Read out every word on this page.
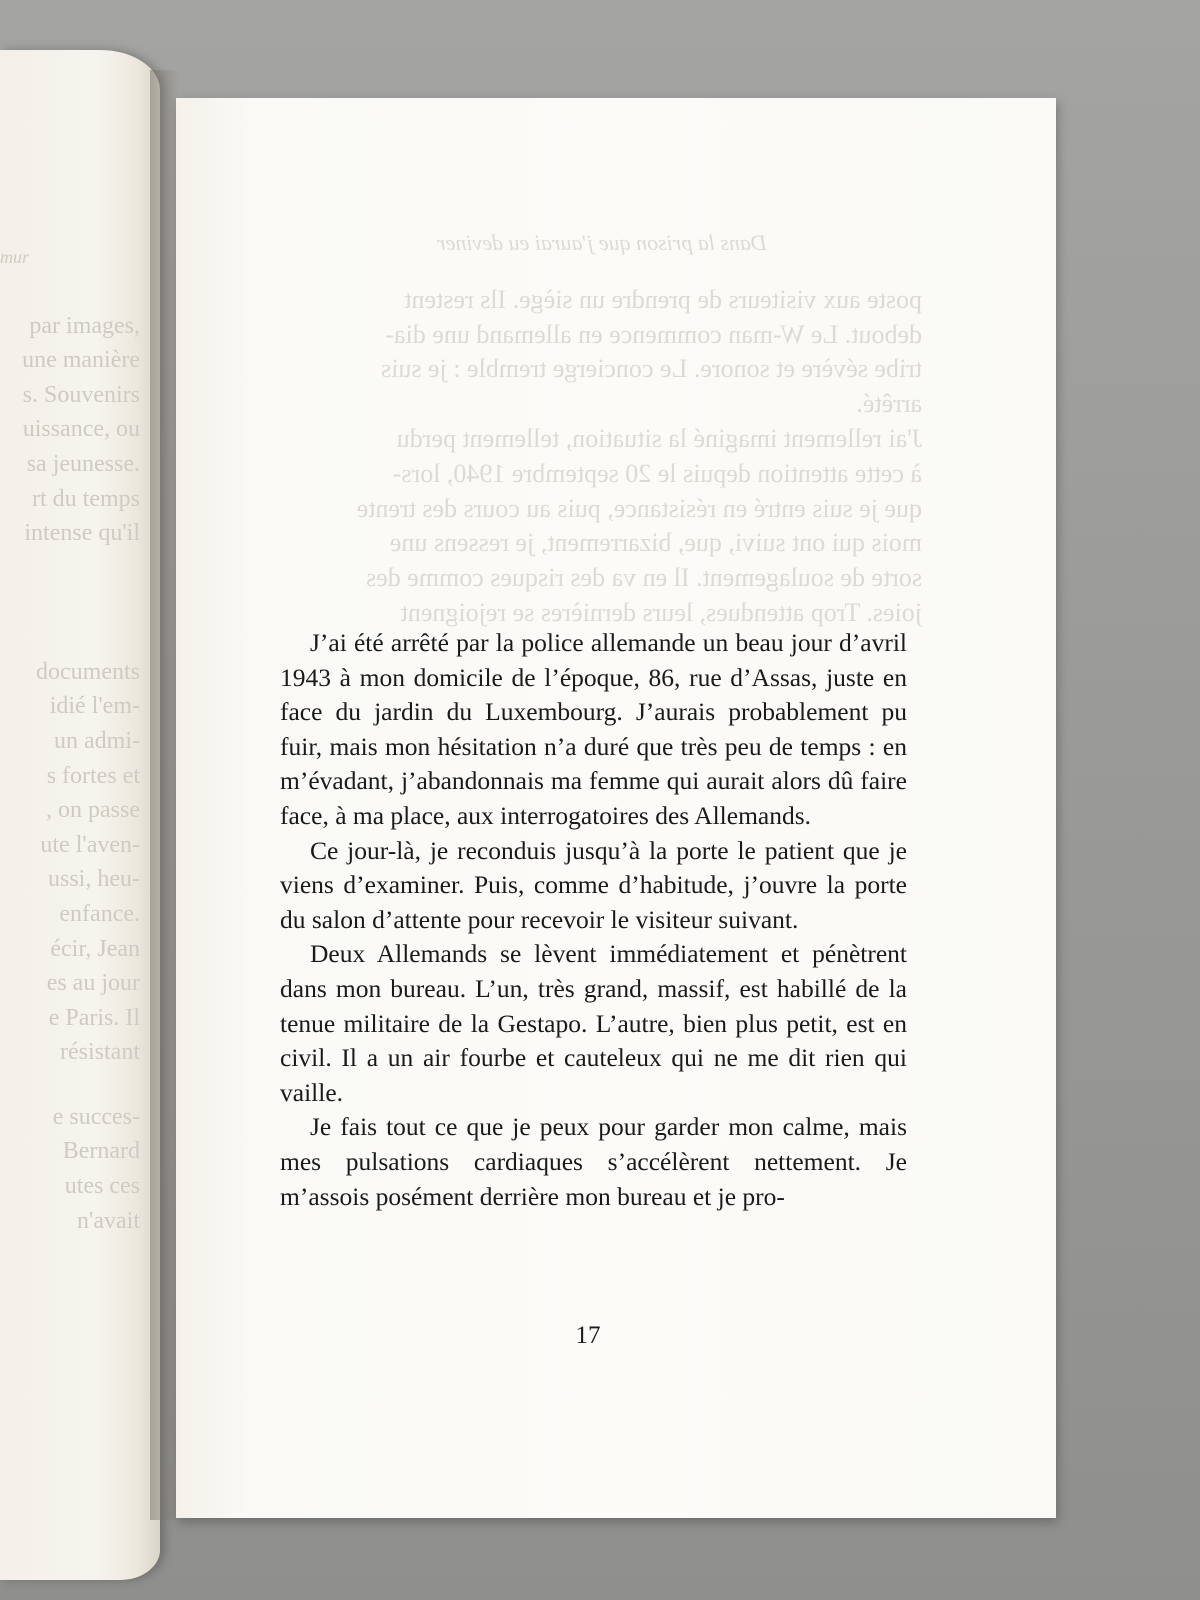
mur
par images,
une manière
s. Souvenirs
uissance, ou
sa jeunesse.
rt du temps
intense qu'il
documents
idié l'em-
un admi-
s fortes et
, on passe
ute l'aven-
ussi, heu-
enfance.
écir, Jean
es au jour
e Paris. Il
résistant
e succes-
Bernard
utes ces
n'avait
Dans la prison que j'aurai eu deviner
poste aux visiteurs de prendre un siège. Ils restent
debout. Le W-man commence en allemand une dia-
tribe sévère et sonore. Le concierge tremble : je suis
arrêté.
J'ai rellement imaginé la situation, tellement perdu
à cette attention depuis le 20 septembre 1940, lors-
que je suis entré en résistance, puis au cours des trente
mois qui ont suivi, que, bizarrement, je ressens une
sorte de soulagement. Il en va des risques comme des
joies. Trop attendues, leurs dernières se rejoignent

J’ai été arrêté par la police allemande un beau jour d’avril 1943 à mon domicile de l’époque, 86, rue d’Assas, juste en face du jardin du Luxembourg. J’aurais probablement pu fuir, mais mon hésitation n’a duré que très peu de temps : en m’évadant, j’abandonnais ma femme qui aurait alors dû faire face, à ma place, aux interrogatoires des Allemands.

Ce jour-là, je reconduis jusqu’à la porte le patient que je viens d’examiner. Puis, comme d’habitude, j’ouvre la porte du salon d’attente pour recevoir le visiteur suivant.

Deux Allemands se lèvent immédiatement et pénètrent dans mon bureau. L’un, très grand, massif, est habillé de la tenue militaire de la Gestapo. L’autre, bien plus petit, est en civil. Il a un air fourbe et cauteleux qui ne me dit rien qui vaille.

Je fais tout ce que je peux pour garder mon calme, mais mes pulsations cardiaques s’accélèrent nettement. Je m’assois posément derrière mon bureau et je pro-

17
